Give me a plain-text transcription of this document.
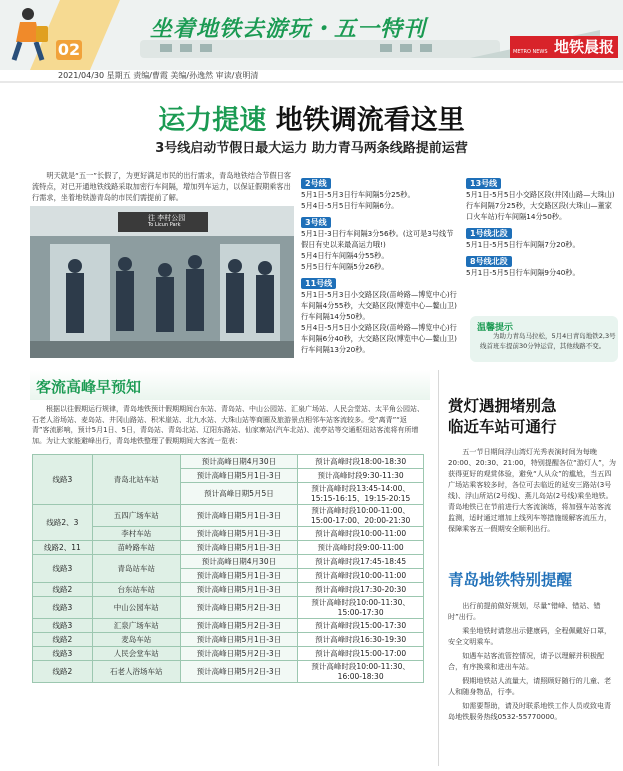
坐着地铁去游玩・五一特刊
02	METRO NEWS 地铁晨报
2021/04/30 星期五 责编/曹霞 美编/孙逸然 审读/袁明清
运力提速 地铁调流看这里
3号线启动节假日最大运力 助力青马两条线路提前运营
明天就是“五一”长假了，为更好满足市民的出行需求，青岛地铁结合节假日客流特点，对已开通地铁线路采取加密行车间隔，增加列车运力，以保证假期乘客出行需求，坐着地铁游青岛的市民们需提前了解。
往 李村公园
To Licun Park
2号线
5月1日-5月3日行车间隔5分25秒。
5月4日-5月5日行车间隔6分。
3号线
5月1日-3日行车间隔3分56秒。(这可是3号线节假日有史以来最高运力哦!)
5月4日行车间隔4分55秒。
5月5日行车间隔5分26秒。
11号线
5月1日-5月3日小交路区段(苗岭路—博览中心)行车间隔4分55秒，大交路区段(博览中心—鳌山卫)行车间隔14分50秒。
5月4日-5月5日小交路区段(苗岭路—博览中心)行车间隔6分40秒，大交路区段(博览中心—鳌山卫)行车间隔13分20秒。
13号线
5月1日-5月5日小交路区段(井冈山路—大珠山)行车间隔7分25秒，大交路区段(大珠山—董家口火车站)行车间隔14分50秒。
1号线北段
5月1日-5月5日行车间隔7分20秒。
8号线北段
5月1日-5月5日行车间隔9分40秒。
温馨提示
为助力青岛马拉松，5月4日青岛地铁2,3号线首班车提前30分钟运营，其他线路不变。
客流高峰早预知
根据以往假期运行规律，青岛地铁预计假期期间台东站、青岛站、中山公园站、汇泉广场站、人民会堂站、太平角公园站、石老人浴场站、麦岛站、井冈山路站、积米崖站、北九水站、大珠山站等商圈及旅游景点相邻车站客流较多。受“离青”“返青”客流影响，预计5月1日、5日，青岛站、青岛北站、辽阳东路站、仙家寨站(汽车北站)、流亭站等交通枢纽站客流将有所增加。为让大家能避峰出行，青岛地铁整理了假期期间大客流一览表：
线路3	青岛北站车站	预计高峰日期4月30日	预计高峰时段18:00-18:30
		预计高峰日期5月1日-3日	预计高峰时段9:30-11:30
		预计高峰日期5月5日	预计高峰时段13:45-14:00、15:15-16:15、19:15-20:15
线路2、3	五四广场车站	预计高峰日期5月1日-3日	预计高峰时段10:00-11:00、15:00-17:00、20:00-21:30
	李村车站	预计高峰日期5月1日-3日	预计高峰时段10:00-11:00
线路2、11	苗岭路车站	预计高峰日期5月1日-3日	预计高峰时段9:00-11:00
线路3	青岛站车站	预计高峰日期4月30日	预计高峰时段17:45-18:45
		预计高峰日期5月1日-3日	预计高峰时段10:00-11:00
线路2	台东站车站	预计高峰日期5月1日-3日	预计高峰时段17:30-20:30
线路3	中山公园车站	预计高峰日期5月2日-3日	预计高峰时段10:00-11:30、15:00-17:30
线路3	汇泉广场车站	预计高峰日期5月2日-3日	预计高峰时段15:00-17:30
线路2	麦岛车站	预计高峰日期5月1日-3日	预计高峰时段16:30-19:30
线路3	人民会堂车站	预计高峰日期5月2日-3日	预计高峰时段15:00-17:00
线路2	石老人浴场车站	预计高峰日期5月2日-3日	预计高峰时段10:00-11:30、16:00-18:30
赏灯遇拥堵别急
临近车站可通行
五一节日期间浮山湾灯光秀表演时间为每晚20:00、20:30、21:00，特别提醒各位“游灯人”，为获得更好的观赏体验，避免“人从众”的尴尬，当五四广场站乘客较多时，各位可去临近的延安三路站(3号线)、浮山所站(2号线)、燕儿岛站(2号线)乘坐地铁。青岛地铁已在节前进行大客流演练，将加强车站客流监测，适时通过增加上线列车等措施缓解客流压力，保障乘客五一假期安全顺利出行。
青岛地铁特别提醒
出行前提前做好规划，尽量“错峰、错站、错时”出行。
乘坐地铁时请您出示健康码，全程佩戴好口罩，安全文明乘车。
如遇车站客流管控情况，请予以理解并积极配合，有序换乘和进出车站。
假期地铁站人流量大，请照顾好随行的儿童、老人和随身物品，行李。
如需要帮助，请及时联系地铁工作人员或致电青岛地铁服务热线0532-55770000。
